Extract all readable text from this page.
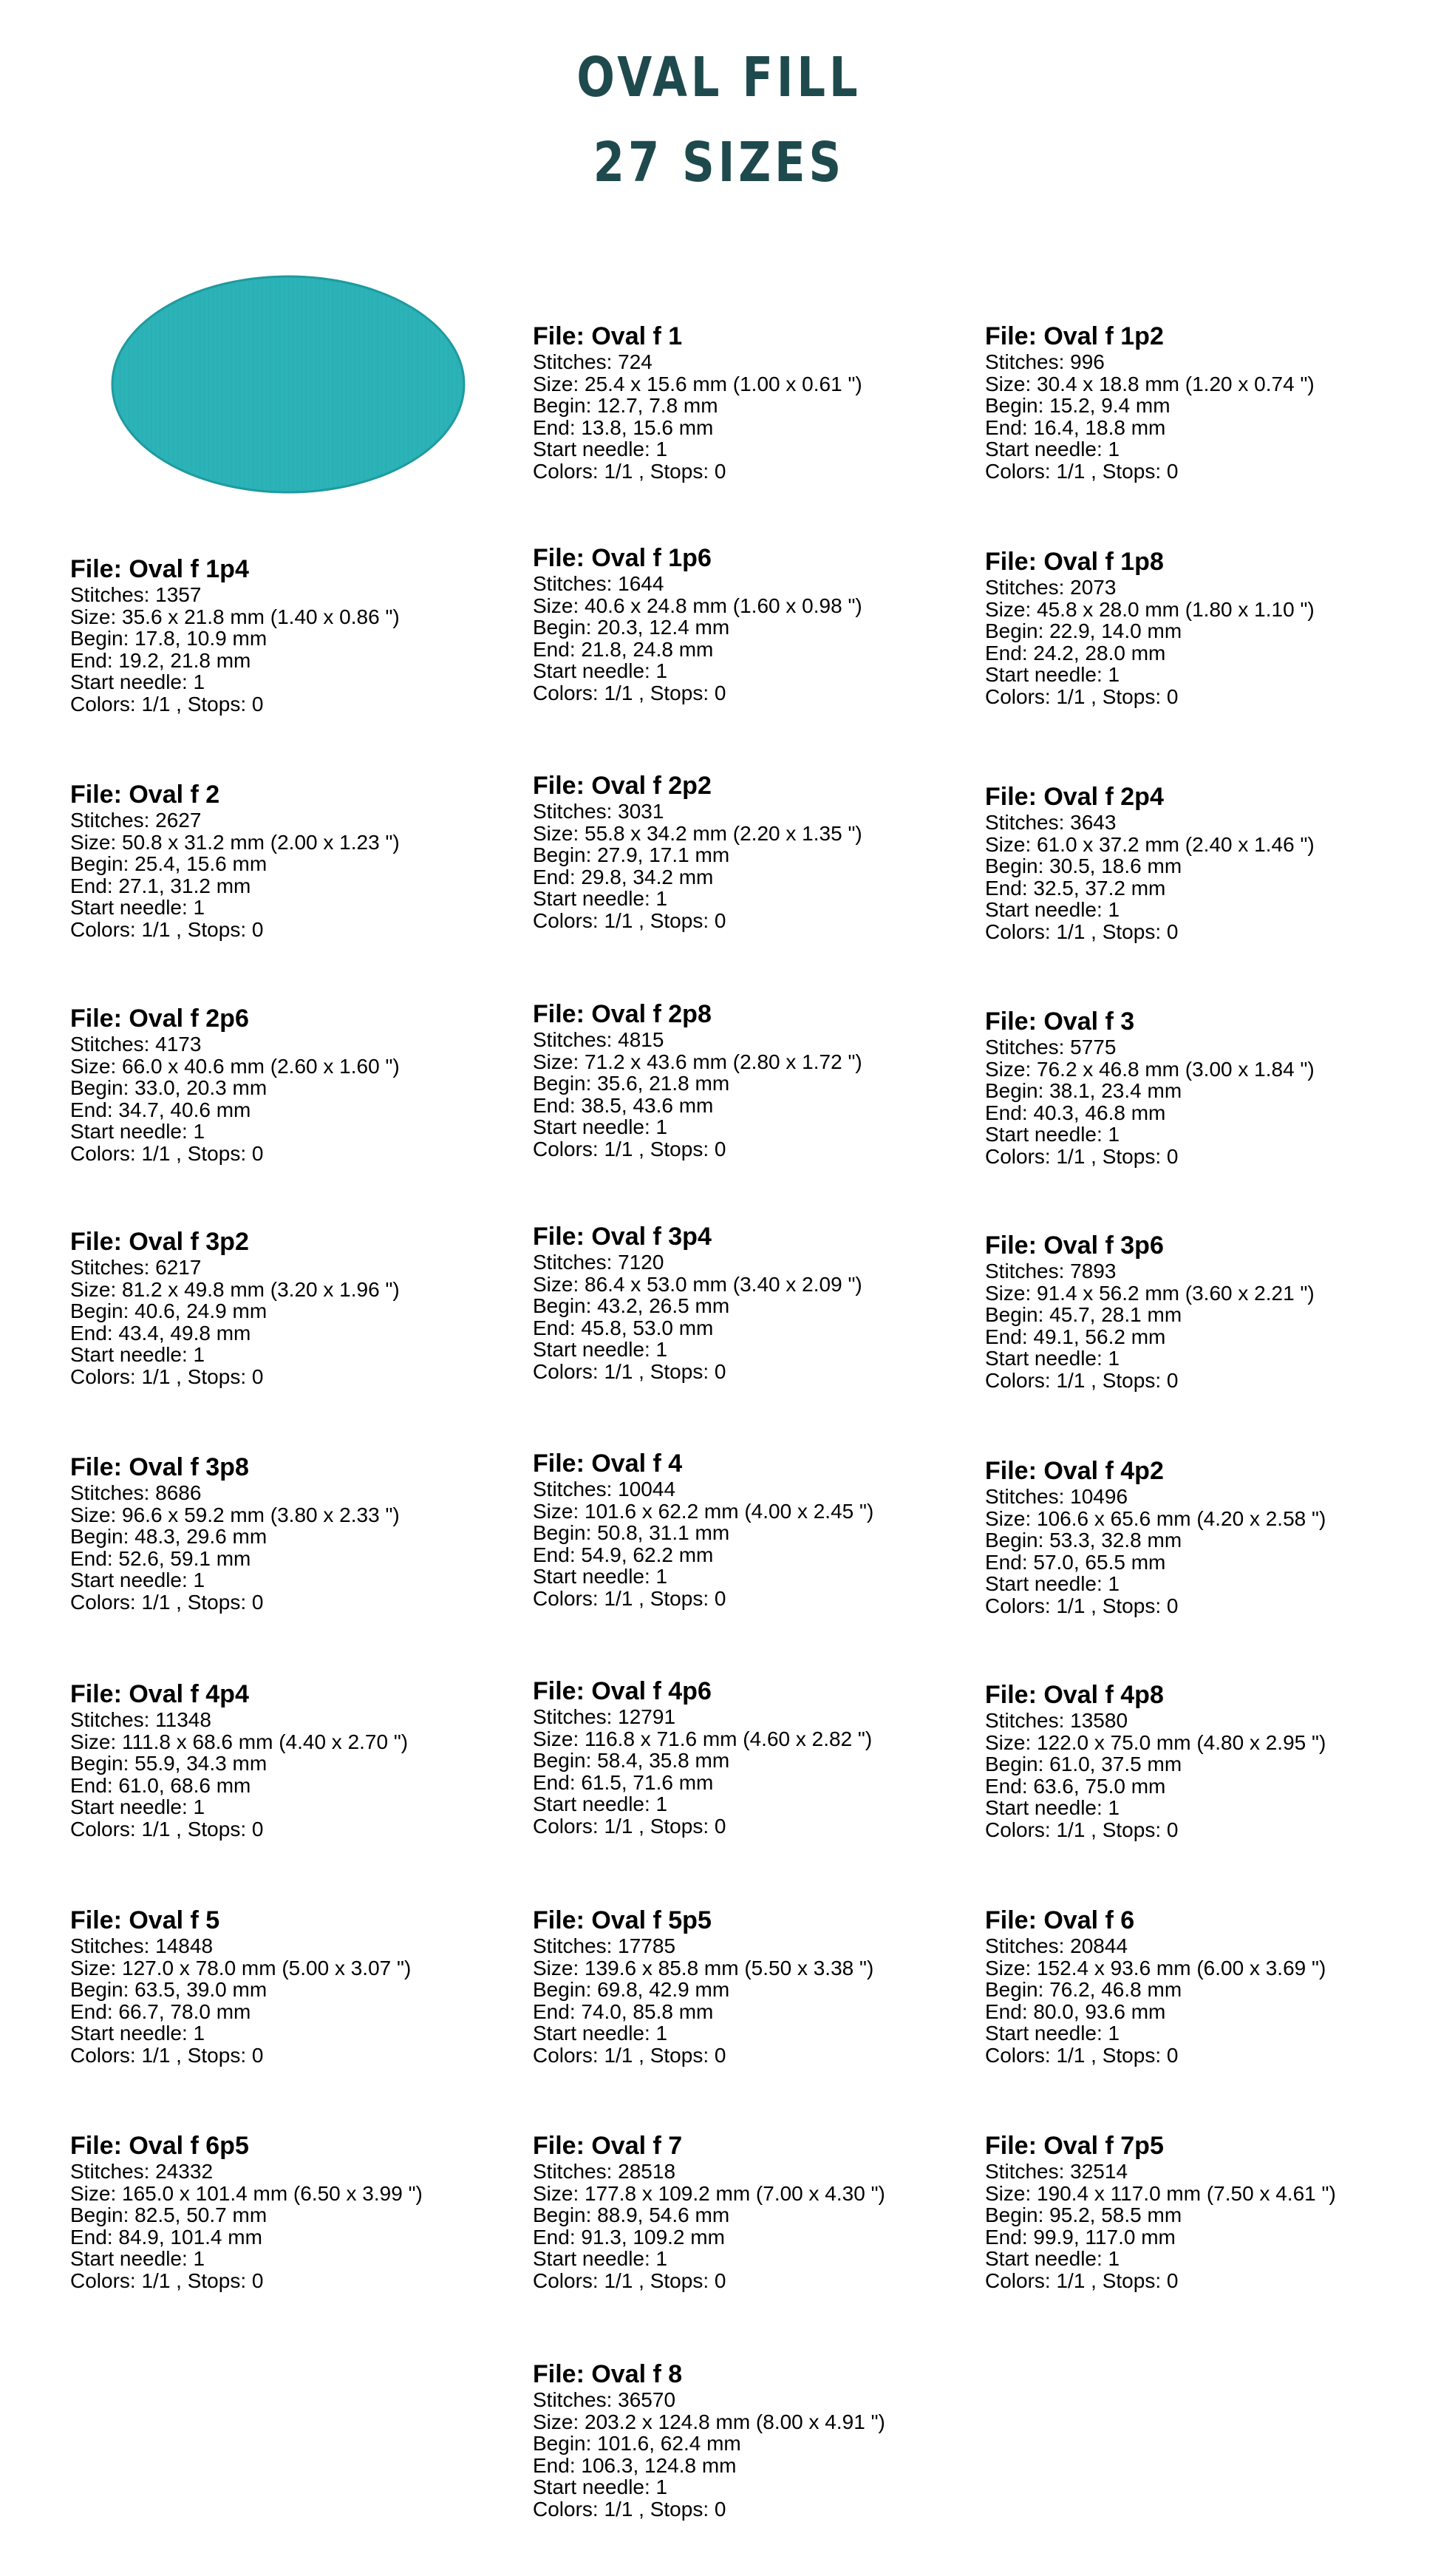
OVAL FILL
27 SIZES
File: Oval f 1
Stitches: 724
Size: 25.4 x 15.6 mm (1.00 x 0.61 ")
Begin: 12.7, 7.8 mm
End: 13.8, 15.6 mm
Start needle: 1
Colors: 1/1 , Stops: 0
File: Oval f 1p2
Stitches: 996
Size: 30.4 x 18.8 mm (1.20 x 0.74 ")
Begin: 15.2, 9.4 mm
End: 16.4, 18.8 mm
Start needle: 1
Colors: 1/1 , Stops: 0
File: Oval f 1p4
Stitches: 1357
Size: 35.6 x 21.8 mm (1.40 x 0.86 ")
Begin: 17.8, 10.9 mm
End: 19.2, 21.8 mm
Start needle: 1
Colors: 1/1 , Stops: 0
File: Oval f 1p6
Stitches: 1644
Size: 40.6 x 24.8 mm (1.60 x 0.98 ")
Begin: 20.3, 12.4 mm
End: 21.8, 24.8 mm
Start needle: 1
Colors: 1/1 , Stops: 0
File: Oval f 1p8
Stitches: 2073
Size: 45.8 x 28.0 mm (1.80 x 1.10 ")
Begin: 22.9, 14.0 mm
End: 24.2, 28.0 mm
Start needle: 1
Colors: 1/1 , Stops: 0
File: Oval f 2
Stitches: 2627
Size: 50.8 x 31.2 mm (2.00 x 1.23 ")
Begin: 25.4, 15.6 mm
End: 27.1, 31.2 mm
Start needle: 1
Colors: 1/1 , Stops: 0
File: Oval f 2p2
Stitches: 3031
Size: 55.8 x 34.2 mm (2.20 x 1.35 ")
Begin: 27.9, 17.1 mm
End: 29.8, 34.2 mm
Start needle: 1
Colors: 1/1 , Stops: 0
File: Oval f 2p4
Stitches: 3643
Size: 61.0 x 37.2 mm (2.40 x 1.46 ")
Begin: 30.5, 18.6 mm
End: 32.5, 37.2 mm
Start needle: 1
Colors: 1/1 , Stops: 0
File: Oval f 2p6
Stitches: 4173
Size: 66.0 x 40.6 mm (2.60 x 1.60 ")
Begin: 33.0, 20.3 mm
End: 34.7, 40.6 mm
Start needle: 1
Colors: 1/1 , Stops: 0
File: Oval f 2p8
Stitches: 4815
Size: 71.2 x 43.6 mm (2.80 x 1.72 ")
Begin: 35.6, 21.8 mm
End: 38.5, 43.6 mm
Start needle: 1
Colors: 1/1 , Stops: 0
File: Oval f 3
Stitches: 5775
Size: 76.2 x 46.8 mm (3.00 x 1.84 ")
Begin: 38.1, 23.4 mm
End: 40.3, 46.8 mm
Start needle: 1
Colors: 1/1 , Stops: 0
File: Oval f 3p2
Stitches: 6217
Size: 81.2 x 49.8 mm (3.20 x 1.96 ")
Begin: 40.6, 24.9 mm
End: 43.4, 49.8 mm
Start needle: 1
Colors: 1/1 , Stops: 0
File: Oval f 3p4
Stitches: 7120
Size: 86.4 x 53.0 mm (3.40 x 2.09 ")
Begin: 43.2, 26.5 mm
End: 45.8, 53.0 mm
Start needle: 1
Colors: 1/1 , Stops: 0
File: Oval f 3p6
Stitches: 7893
Size: 91.4 x 56.2 mm (3.60 x 2.21 ")
Begin: 45.7, 28.1 mm
End: 49.1, 56.2 mm
Start needle: 1
Colors: 1/1 , Stops: 0
File: Oval f 3p8
Stitches: 8686
Size: 96.6 x 59.2 mm (3.80 x 2.33 ")
Begin: 48.3, 29.6 mm
End: 52.6, 59.1 mm
Start needle: 1
Colors: 1/1 , Stops: 0
File: Oval f 4
Stitches: 10044
Size: 101.6 x 62.2 mm (4.00 x 2.45 ")
Begin: 50.8, 31.1 mm
End: 54.9, 62.2 mm
Start needle: 1
Colors: 1/1 , Stops: 0
File: Oval f 4p2
Stitches: 10496
Size: 106.6 x 65.6 mm (4.20 x 2.58 ")
Begin: 53.3, 32.8 mm
End: 57.0, 65.5 mm
Start needle: 1
Colors: 1/1 , Stops: 0
File: Oval f 4p4
Stitches: 11348
Size: 111.8 x 68.6 mm (4.40 x 2.70 ")
Begin: 55.9, 34.3 mm
End: 61.0, 68.6 mm
Start needle: 1
Colors: 1/1 , Stops: 0
File: Oval f 4p6
Stitches: 12791
Size: 116.8 x 71.6 mm (4.60 x 2.82 ")
Begin: 58.4, 35.8 mm
End: 61.5, 71.6 mm
Start needle: 1
Colors: 1/1 , Stops: 0
File: Oval f 4p8
Stitches: 13580
Size: 122.0 x 75.0 mm (4.80 x 2.95 ")
Begin: 61.0, 37.5 mm
End: 63.6, 75.0 mm
Start needle: 1
Colors: 1/1 , Stops: 0
File: Oval f 5
Stitches: 14848
Size: 127.0 x 78.0 mm (5.00 x 3.07 ")
Begin: 63.5, 39.0 mm
End: 66.7, 78.0 mm
Start needle: 1
Colors: 1/1 , Stops: 0
File: Oval f 5p5
Stitches: 17785
Size: 139.6 x 85.8 mm (5.50 x 3.38 ")
Begin: 69.8, 42.9 mm
End: 74.0, 85.8 mm
Start needle: 1
Colors: 1/1 , Stops: 0
File: Oval f 6
Stitches: 20844
Size: 152.4 x 93.6 mm (6.00 x 3.69 ")
Begin: 76.2, 46.8 mm
End: 80.0, 93.6 mm
Start needle: 1
Colors: 1/1 , Stops: 0
File: Oval f 6p5
Stitches: 24332
Size: 165.0 x 101.4 mm (6.50 x 3.99 ")
Begin: 82.5, 50.7 mm
End: 84.9, 101.4 mm
Start needle: 1
Colors: 1/1 , Stops: 0
File: Oval f 7
Stitches: 28518
Size: 177.8 x 109.2 mm (7.00 x 4.30 ")
Begin: 88.9, 54.6 mm
End: 91.3, 109.2 mm
Start needle: 1
Colors: 1/1 , Stops: 0
File: Oval f 7p5
Stitches: 32514
Size: 190.4 x 117.0 mm (7.50 x 4.61 ")
Begin: 95.2, 58.5 mm
End: 99.9, 117.0 mm
Start needle: 1
Colors: 1/1 , Stops: 0
File: Oval f 8
Stitches: 36570
Size: 203.2 x 124.8 mm (8.00 x 4.91 ")
Begin: 101.6, 62.4 mm
End: 106.3, 124.8 mm
Start needle: 1
Colors: 1/1 , Stops: 0
